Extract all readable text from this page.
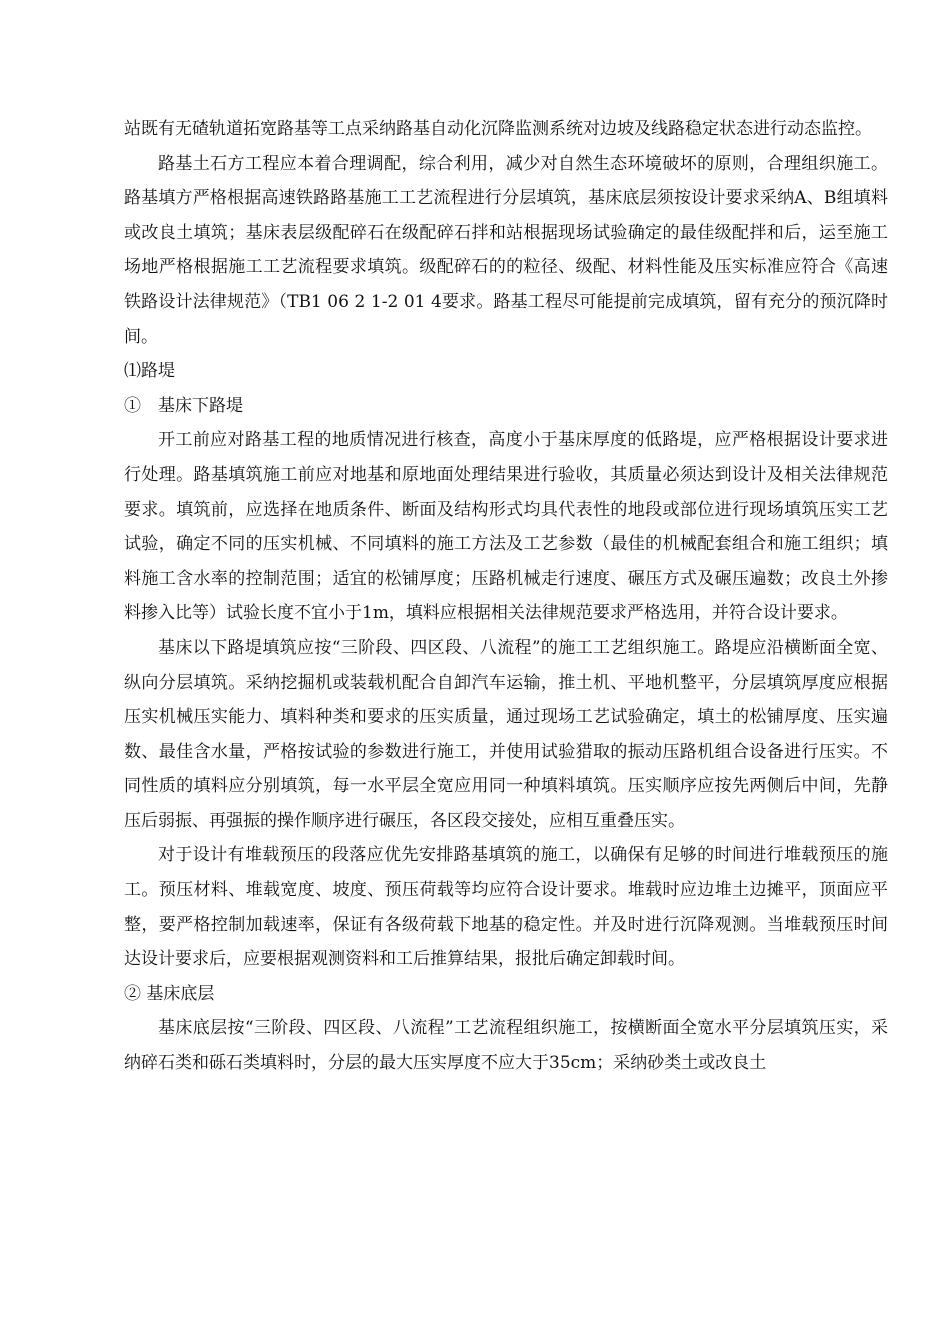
站既有无碴轨道拓宽路基等工点采纳路基自动化沉降监测系统对边坡及线路稳定状态进行动态监控。

路基土石方工程应本着合理调配，综合利用，减少对自然生态环境破坏的原则，合理组织施工。路基填方严格根据高速铁路路基施工工艺流程进行分层填筑，基床底层须按设计要求采纳A、B组填料或改良土填筑；基床表层级配碎石在级配碎石拌和站根据现场试验确定的最佳级配拌和后，运至施工场地严格根据施工工艺流程要求填筑。级配碎石的的粒径、级配、材料性能及压实标准应符合《高速铁路设计法律规范》（TB1 06 2 1-2 01 4要求。路基工程尽可能提前完成填筑，留有充分的预沉降时间。

⑴路堤

①　基床下路堤

开工前应对路基工程的地质情况进行核查，高度小于基床厚度的低路堤，应严格根据设计要求进行处理。路基填筑施工前应对地基和原地面处理结果进行验收，其质量必须达到设计及相关法律规范要求。填筑前，应选择在地质条件、断面及结构形式均具代表性的地段或部位进行现场填筑压实工艺试验，确定不同的压实机械、不同填料的施工方法及工艺参数（最佳的机械配套组合和施工组织；填料施工含水率的控制范围；适宜的松铺厚度；压路机械走行速度、碾压方式及碾压遍数；改良土外掺料掺入比等）试验长度不宜小于1m，填料应根据相关法律规范要求严格选用，并符合设计要求。

基床以下路堤填筑应按“三阶段、四区段、八流程”的施工工艺组织施工。路堤应沿横断面全宽、纵向分层填筑。采纳挖掘机或装载机配合自卸汽车运输，推土机、平地机整平，分层填筑厚度应根据压实机械压实能力、填料种类和要求的压实质量，通过现场工艺试验确定，填土的松铺厚度、压实遍数、最佳含水量，严格按试验的参数进行施工，并使用试验猎取的振动压路机组合设备进行压实。不同性质的填料应分别填筑，每一水平层全宽应用同一种填料填筑。压实顺序应按先两侧后中间，先静压后弱振、再强振的操作顺序进行碾压，各区段交接处，应相互重叠压实。

对于设计有堆载预压的段落应优先安排路基填筑的施工，以确保有足够的时间进行堆载预压的施工。预压材料、堆载宽度、坡度、预压荷载等均应符合设计要求。堆载时应边堆土边摊平，顶面应平整，要严格控制加载速率，保证有各级荷载下地基的稳定性。并及时进行沉降观测。当堆载预压时间达设计要求后，应要根据观测资料和工后推算结果，报批后确定卸载时间。

② 基床底层

基床底层按“三阶段、四区段、八流程”工艺流程组织施工，按横断面全宽水平分层填筑压实，采纳碎石类和砾石类填料时，分层的最大压实厚度不应大于35cm；采纳砂类土或改良土
